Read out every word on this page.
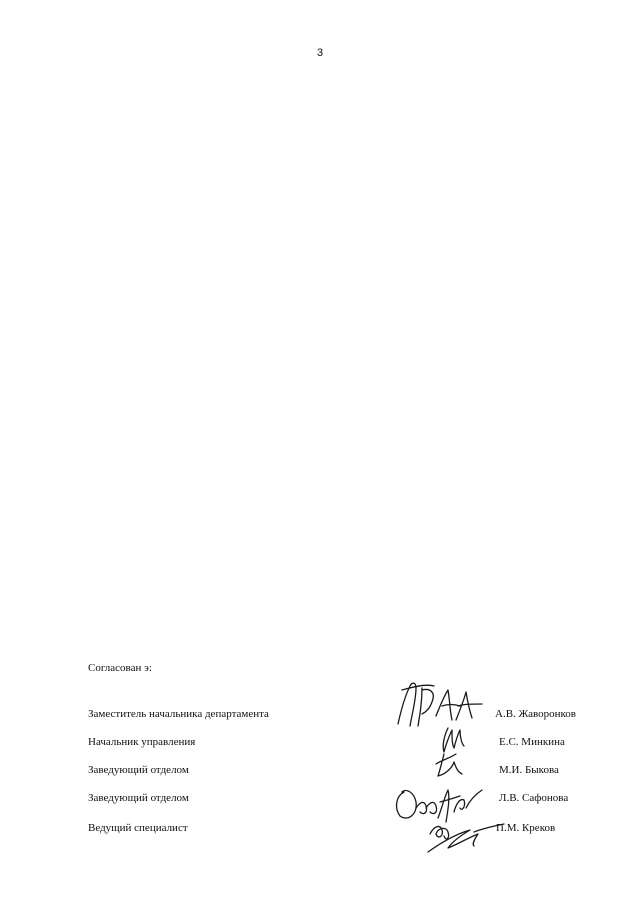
3
Согласован э:
Заместитель начальника департамента	А.В. Жаворонков
Начальник управления	Е.С. Минкина
Заведующий отделом	М.И. Быкова
Заведующий отделом	Л.В. Сафонова
Ведущий специалист	П.М. Креков
